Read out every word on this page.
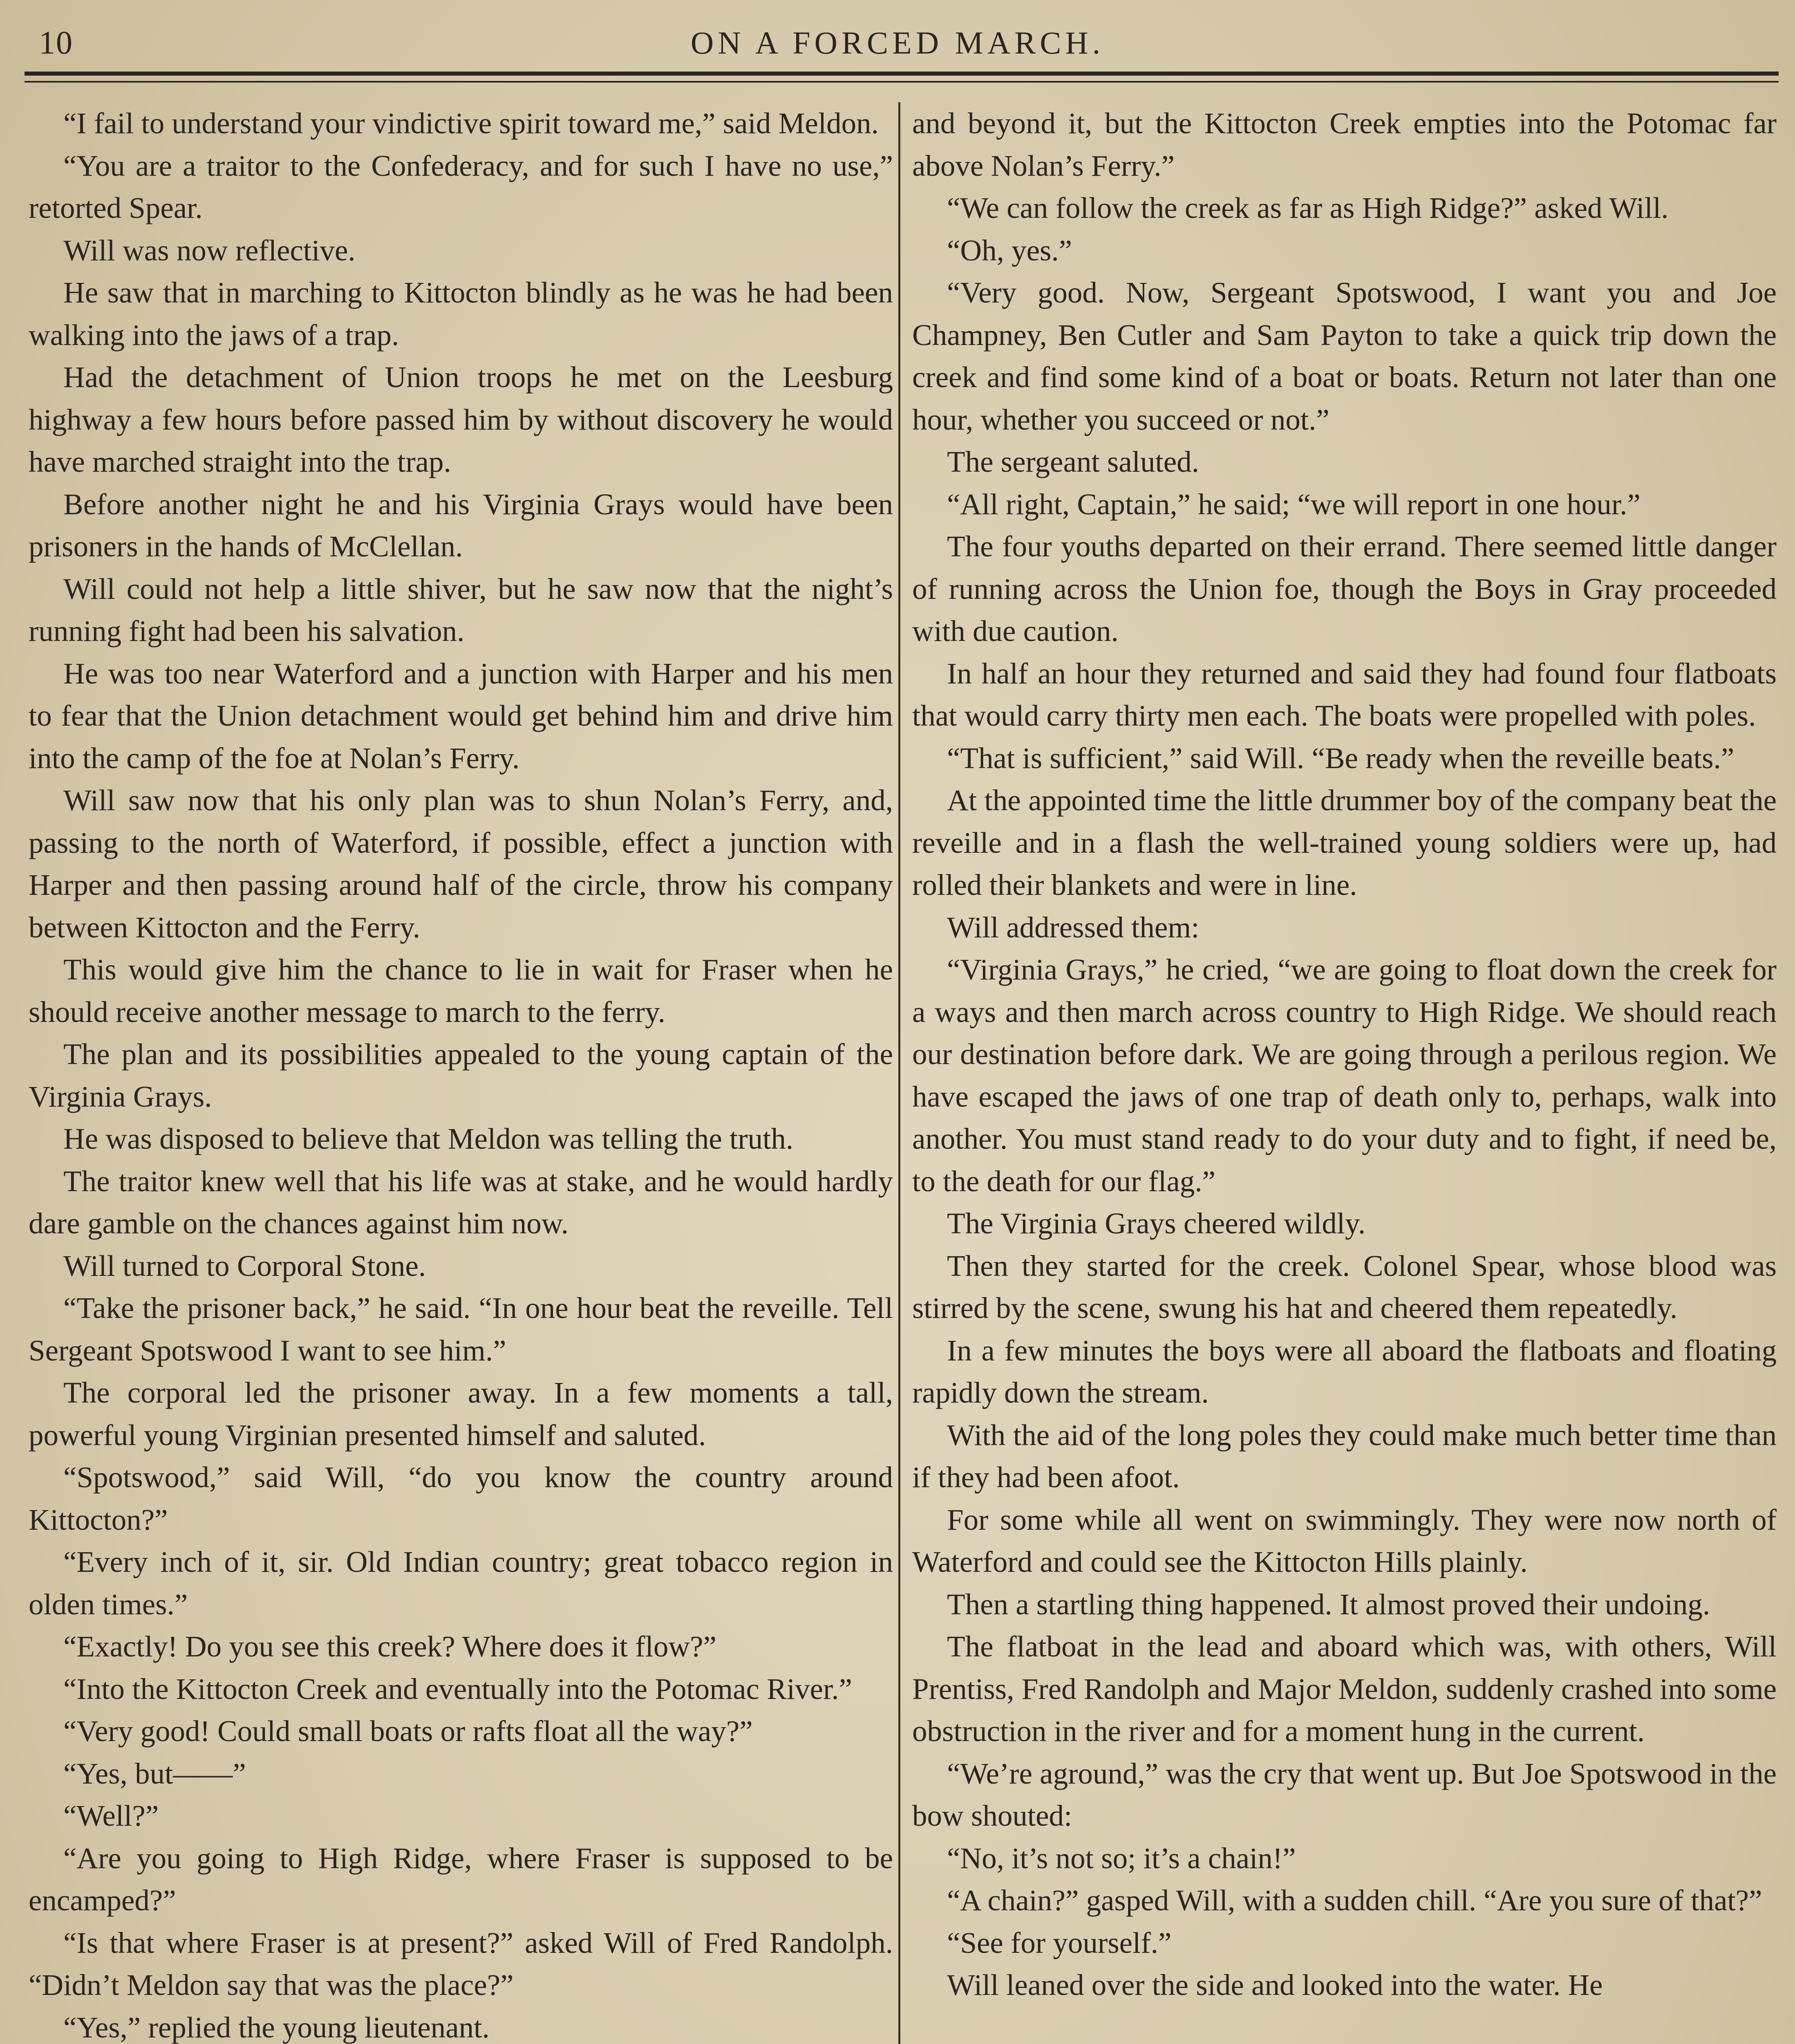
10	ON A FORCED MARCH.

“I fail to understand your vindictive spirit toward me,” said Meldon.

“You are a traitor to the Confederacy, and for such I have no use,” retorted Spear.

Will was now reflective.

He saw that in marching to Kittocton blindly as he was he had been walking into the jaws of a trap.

Had the detachment of Union troops he met on the Leesburg highway a few hours before passed him by without discovery he would have marched straight into the trap.

Before another night he and his Virginia Grays would have been prisoners in the hands of McClellan.

Will could not help a little shiver, but he saw now that the night’s running fight had been his salvation.

He was too near Waterford and a junction with Harper and his men to fear that the Union detachment would get behind him and drive him into the camp of the foe at Nolan’s Ferry.

Will saw now that his only plan was to shun Nolan’s Ferry, and, passing to the north of Waterford, if possible, effect a junction with Harper and then passing around half of the circle, throw his company between Kittocton and the Ferry.

This would give him the chance to lie in wait for Fraser when he should receive another message to march to the ferry.

The plan and its possibilities appealed to the young captain of the Virginia Grays.

He was disposed to believe that Meldon was telling the truth.

The traitor knew well that his life was at stake, and he would hardly dare gamble on the chances against him now.

Will turned to Corporal Stone.

“Take the prisoner back,” he said. “In one hour beat the reveille. Tell Sergeant Spotswood I want to see him.”

The corporal led the prisoner away. In a few moments a tall, powerful young Virginian presented himself and saluted.

“Spotswood,” said Will, “do you know the country around Kittocton?”

“Every inch of it, sir. Old Indian country; great tobacco region in olden times.”

“Exactly! Do you see this creek? Where does it flow?”

“Into the Kittocton Creek and eventually into the Potomac River.”

“Very good! Could small boats or rafts float all the way?”

“Yes, but——”

“Well?”

“Are you going to High Ridge, where Fraser is supposed to be encamped?”

“Is that where Fraser is at present?” asked Will of Fred Randolph. “Didn’t Meldon say that was the place?”

“Yes,” replied the young lieutenant.

and beyond it, but the Kittocton Creek empties into the Potomac far above Nolan’s Ferry.”

“We can follow the creek as far as High Ridge?” asked Will.

“Oh, yes.”

“Very good. Now, Sergeant Spotswood, I want you and Joe Champney, Ben Cutler and Sam Payton to take a quick trip down the creek and find some kind of a boat or boats. Return not later than one hour, whether you succeed or not.”

The sergeant saluted.

“All right, Captain,” he said; “we will report in one hour.”

The four youths departed on their errand. There seemed little danger of running across the Union foe, though the Boys in Gray proceeded with due caution.

In half an hour they returned and said they had found four flatboats that would carry thirty men each. The boats were propelled with poles.

“That is sufficient,” said Will. “Be ready when the reveille beats.”

At the appointed time the little drummer boy of the company beat the reveille and in a flash the well-trained young soldiers were up, had rolled their blankets and were in line.

Will addressed them:

“Virginia Grays,” he cried, “we are going to float down the creek for a ways and then march across country to High Ridge. We should reach our destination before dark. We are going through a perilous region. We have escaped the jaws of one trap of death only to, perhaps, walk into another. You must stand ready to do your duty and to fight, if need be, to the death for our flag.”

The Virginia Grays cheered wildly.

Then they started for the creek. Colonel Spear, whose blood was stirred by the scene, swung his hat and cheered them repeatedly.

In a few minutes the boys were all aboard the flatboats and floating rapidly down the stream.

With the aid of the long poles they could make much better time than if they had been afoot.

For some while all went on swimmingly. They were now north of Waterford and could see the Kittocton Hills plainly.

Then a startling thing happened. It almost proved their undoing.

The flatboat in the lead and aboard which was, with others, Will Prentiss, Fred Randolph and Major Meldon, suddenly crashed into some obstruction in the river and for a moment hung in the current.

“We’re aground,” was the cry that went up. But Joe Spotswood in the bow shouted:

“No, it’s not so; it’s a chain!”

“A chain?” gasped Will, with a sudden chill. “Are you sure of that?”

“See for yourself.”

Will leaned over the side and looked into the water. He
